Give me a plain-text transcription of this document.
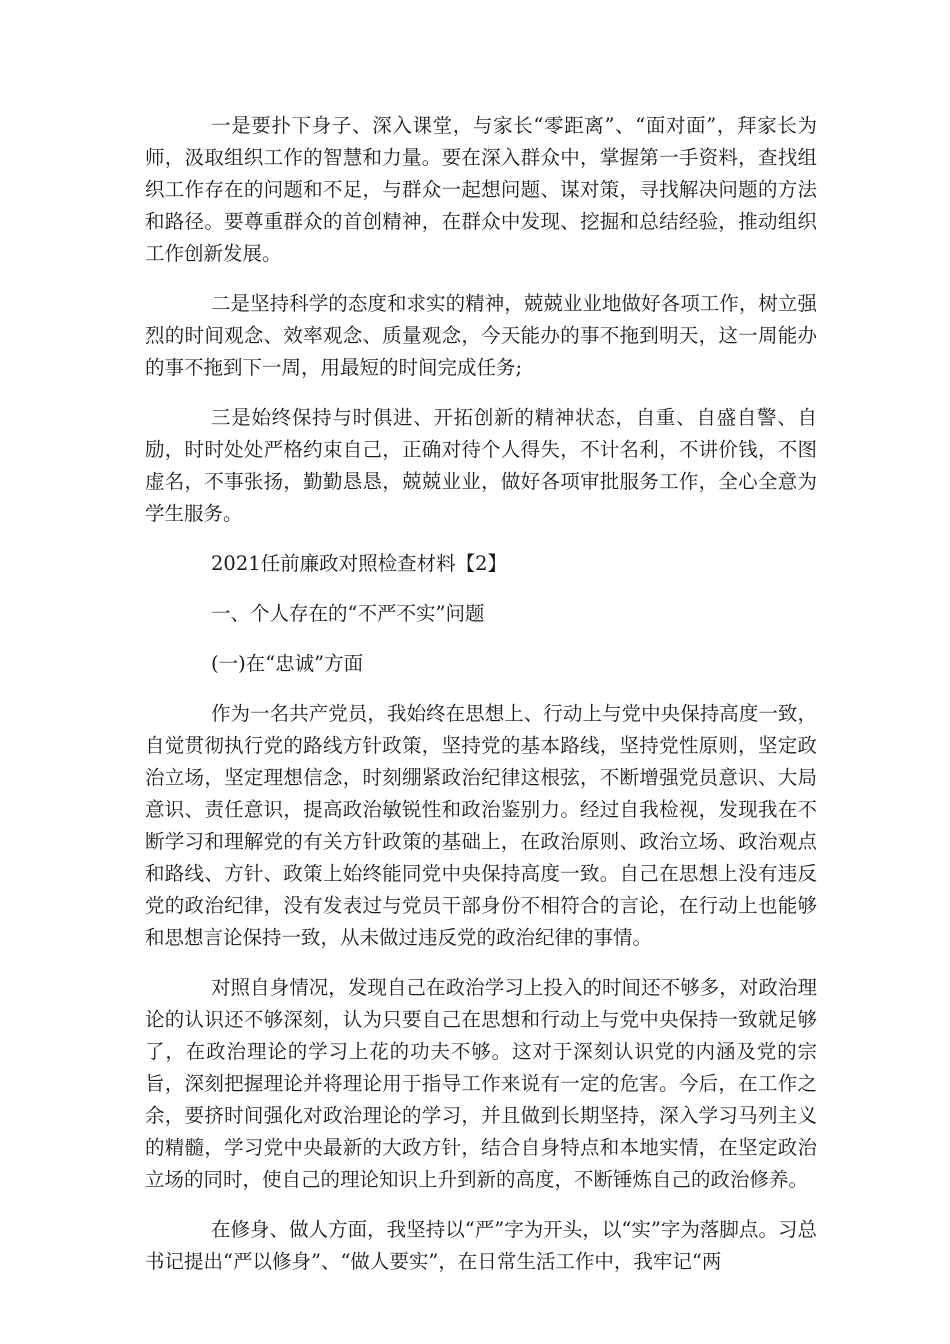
一是要扑下身子、深入课堂，与家长“零距离”、“面对面”，拜家长为师，汲取组织工作的智慧和力量。要在深入群众中，掌握第一手资料，查找组织工作存在的问题和不足，与群众一起想问题、谋对策，寻找解决问题的方法和路径。要尊重群众的首创精神，在群众中发现、挖掘和总结经验，推动组织工作创新发展。

二是坚持科学的态度和求实的精神，兢兢业业地做好各项工作，树立强烈的时间观念、效率观念、质量观念，今天能办的事不拖到明天，这一周能办的事不拖到下一周，用最短的时间完成任务;

三是始终保持与时俱进、开拓创新的精神状态，自重、自盛自警、自励，时时处处严格约束自己，正确对待个人得失，不计名利，不讲价钱，不图虚名，不事张扬，勤勤恳恳，兢兢业业，做好各项审批服务工作，全心全意为学生服务。

2021任前廉政对照检查材料【2】

一、个人存在的“不严不实”问题

(一)在“忠诚”方面

作为一名共产党员，我始终在思想上、行动上与党中央保持高度一致，自觉贯彻执行党的路线方针政策，坚持党的基本路线，坚持党性原则，坚定政治立场，坚定理想信念，时刻绷紧政治纪律这根弦，不断增强党员意识、大局意识、责任意识，提高政治敏锐性和政治鉴别力。经过自我检视，发现我在不断学习和理解党的有关方针政策的基础上，在政治原则、政治立场、政治观点和路线、方针、政策上始终能同党中央保持高度一致。自己在思想上没有违反党的政治纪律，没有发表过与党员干部身份不相符合的言论，在行动上也能够和思想言论保持一致，从未做过违反党的政治纪律的事情。

对照自身情况，发现自己在政治学习上投入的时间还不够多，对政治理论的认识还不够深刻，认为只要自己在思想和行动上与党中央保持一致就足够了，在政治理论的学习上花的功夫不够。这对于深刻认识党的内涵及党的宗旨，深刻把握理论并将理论用于指导工作来说有一定的危害。今后，在工作之余，要挤时间强化对政治理论的学习，并且做到长期坚持，深入学习马列主义的精髓，学习党中央最新的大政方针，结合自身特点和本地实情，在坚定政治立场的同时，使自己的理论知识上升到新的高度，不断锤炼自己的政治修养。

在修身、做人方面，我坚持以“严”字为开头，以“实”字为落脚点。习总书记提出“严以修身”、“做人要实”，在日常生活工作中，我牢记“两
